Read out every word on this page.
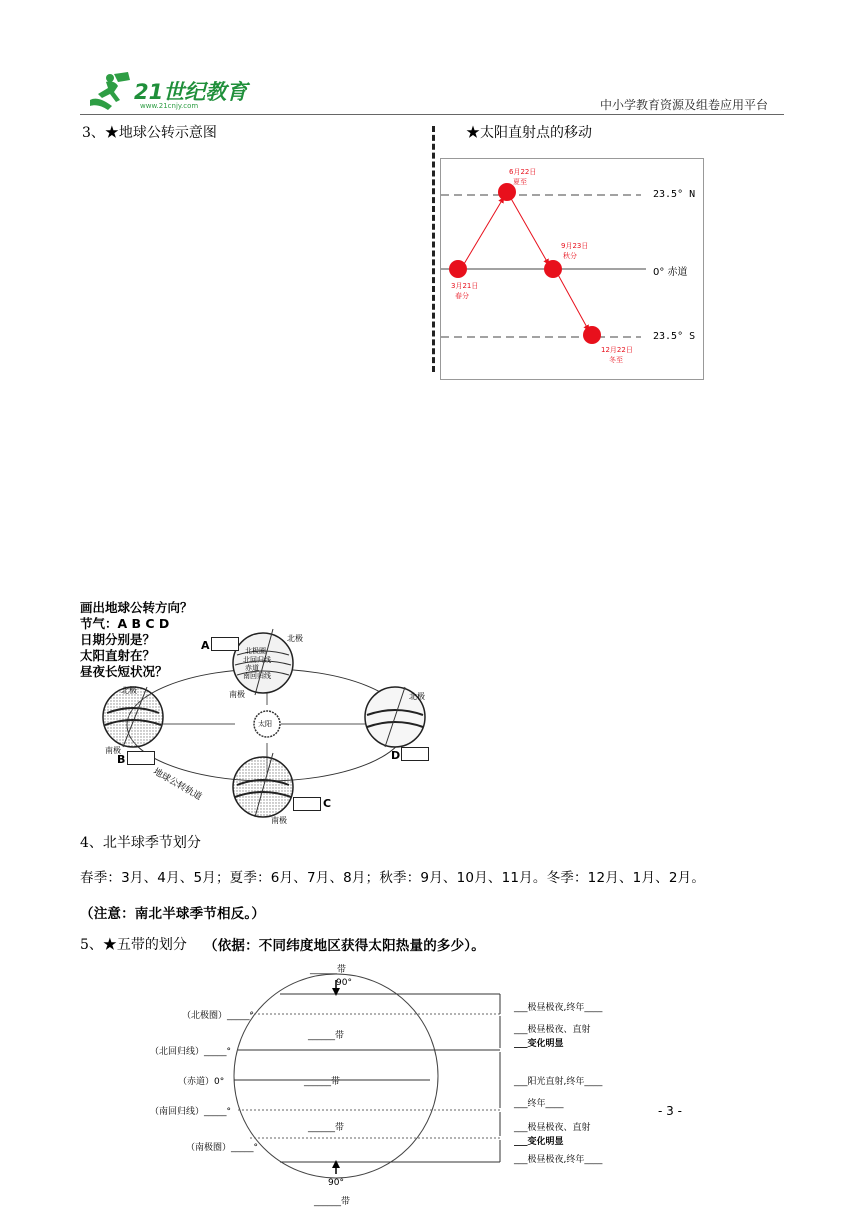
21世纪教育
www.21cnjy.com	中小学教育资源及组卷应用平台
3、★地球公转示意图	★太阳直射点的移动
23.5° N
0° 赤道
23.5° S
3月21日
春分
6月22日
夏至
9月23日
秋分
12月22日
冬至
画出地球公转方向？
节气：A B C D
日期分别是？
太阳直射在？
昼夜长短状况？
太阳
A
北极
北极圈
北回归线
赤道
南回归线
南极
北极
南极
B
北极
D
C
南极
地球公转轨道
4、北半球季节划分
春季：3月、4月、5月；夏季：6月、7月、8月；秋季：9月、10月、11月。冬季：12月、1月、2月。
（注意：南北半球季节相反。）
5、★五带的划分 （依据：不同纬度地区获得太阳热量的多少）。
______带
90°
______带
______带
______带
90°
______带
（北极圈）_____°
（北回归线）_____°
（赤道）0°
（南回归线）_____°
（南极圈）_____°
___极昼极夜,终年____
___极昼极夜、直射
___变化明显
___阳光直射,终年____
___终年____
___极昼极夜、直射
___变化明显
___极昼极夜,终年____
- 3 -
